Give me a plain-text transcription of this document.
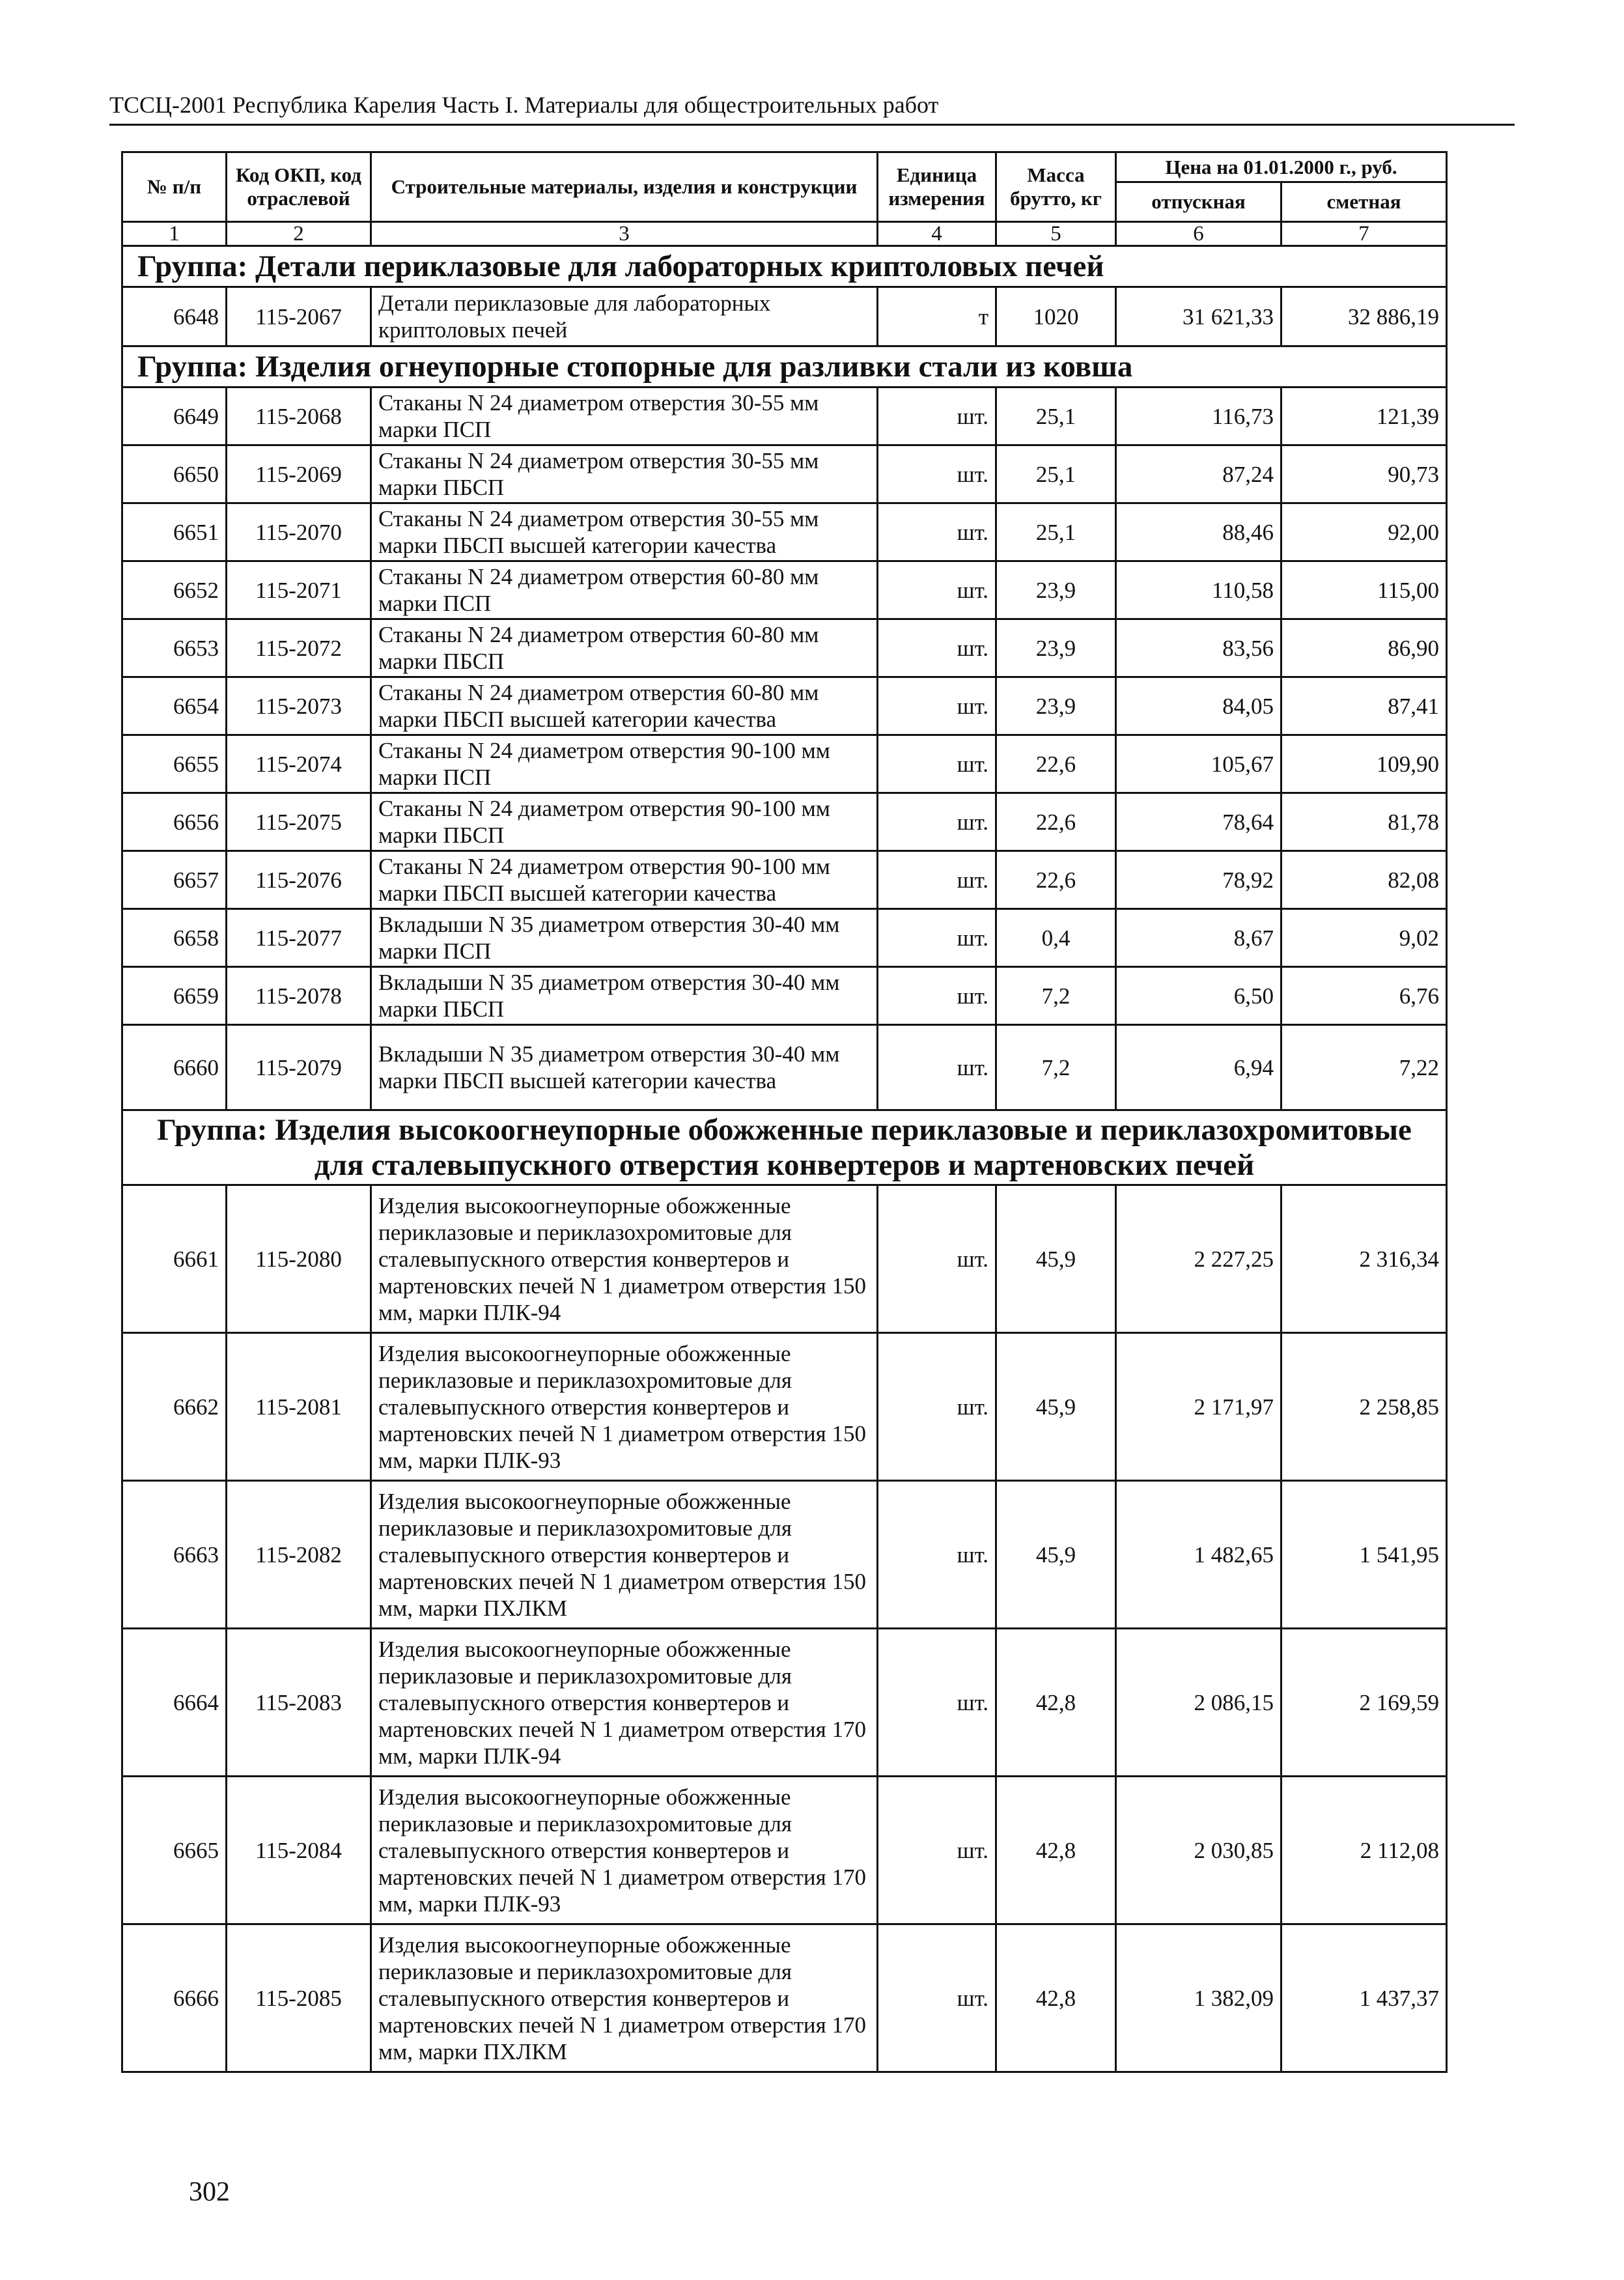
ТССЦ-2001 Республика Карелия Часть I. Материалы для общестроительных работ
№ п/п	Код ОКП, код отраслевой	Строительные материалы, изделия и конструкции	Единица измерения	Масса брутто, кг	Цена на 01.01.2000 г., руб.	
					отпускная	сметная
1	2	3	4	5	6	7
Группа: Детали периклазовые для лабораторных криптоловых печей						
6648	115-2067	Детали периклазовые для лабораторных криптоловых печей	т	1020	31 621,33	32 886,19
Группа: Изделия огнеупорные стопорные для разливки стали из ковша						
6649	115-2068	Стаканы N 24 диаметром отверстия 30-55 мм марки ПСП	шт.	25,1	116,73	121,39
6650	115-2069	Стаканы N 24 диаметром отверстия 30-55 мм марки ПБСП	шт.	25,1	87,24	90,73
6651	115-2070	Стаканы N 24 диаметром отверстия 30-55 мм марки ПБСП высшей категории качества	шт.	25,1	88,46	92,00
6652	115-2071	Стаканы N 24 диаметром отверстия 60-80 мм марки ПСП	шт.	23,9	110,58	115,00
6653	115-2072	Стаканы N 24 диаметром отверстия 60-80 мм марки ПБСП	шт.	23,9	83,56	86,90
6654	115-2073	Стаканы N 24 диаметром отверстия 60-80 мм марки ПБСП высшей категории качества	шт.	23,9	84,05	87,41
6655	115-2074	Стаканы N 24 диаметром отверстия 90-100 мм марки ПСП	шт.	22,6	105,67	109,90
6656	115-2075	Стаканы N 24 диаметром отверстия 90-100 мм марки ПБСП	шт.	22,6	78,64	81,78
6657	115-2076	Стаканы N 24 диаметром отверстия 90-100 мм марки ПБСП высшей категории качества	шт.	22,6	78,92	82,08
6658	115-2077	Вкладыши N 35 диаметром отверстия 30-40 мм марки ПСП	шт.	0,4	8,67	9,02
6659	115-2078	Вкладыши N 35 диаметром отверстия 30-40 мм марки ПБСП	шт.	7,2	6,50	6,76
6660	115-2079	Вкладыши N 35 диаметром отверстия 30-40 мм марки ПБСП высшей категории качества	шт.	7,2	6,94	7,22
Группа: Изделия высокоогнеупорные обожженные периклазовые и периклазохромитовые для сталевыпускного отверстия конвертеров и мартеновских печей						
6661	115-2080	Изделия высокоогнеупорные обожженные периклазовые и периклазохромитовые для сталевыпускного отверстия конвертеров и мартеновских печей N 1 диаметром отверстия 150 мм, марки ПЛК-94	шт.	45,9	2 227,25	2 316,34
6662	115-2081	Изделия высокоогнеупорные обожженные периклазовые и периклазохромитовые для сталевыпускного отверстия конвертеров и мартеновских печей N 1 диаметром отверстия 150 мм, марки ПЛК-93	шт.	45,9	2 171,97	2 258,85
6663	115-2082	Изделия высокоогнеупорные обожженные периклазовые и периклазохромитовые для сталевыпускного отверстия конвертеров и мартеновских печей N 1 диаметром отверстия 150 мм, марки ПХЛКМ	шт.	45,9	1 482,65	1 541,95
6664	115-2083	Изделия высокоогнеупорные обожженные периклазовые и периклазохромитовые для сталевыпускного отверстия конвертеров и мартеновских печей N 1 диаметром отверстия 170 мм, марки ПЛК-94	шт.	42,8	2 086,15	2 169,59
6665	115-2084	Изделия высокоогнеупорные обожженные периклазовые и периклазохромитовые для сталевыпускного отверстия конвертеров и мартеновских печей N 1 диаметром отверстия 170 мм, марки ПЛК-93	шт.	42,8	2 030,85	2 112,08
6666	115-2085	Изделия высокоогнеупорные обожженные периклазовые и периклазохромитовые для сталевыпускного отверстия конвертеров и мартеновских печей N 1 диаметром отверстия 170 мм, марки ПХЛКМ	шт.	42,8	1 382,09	1 437,37
302
